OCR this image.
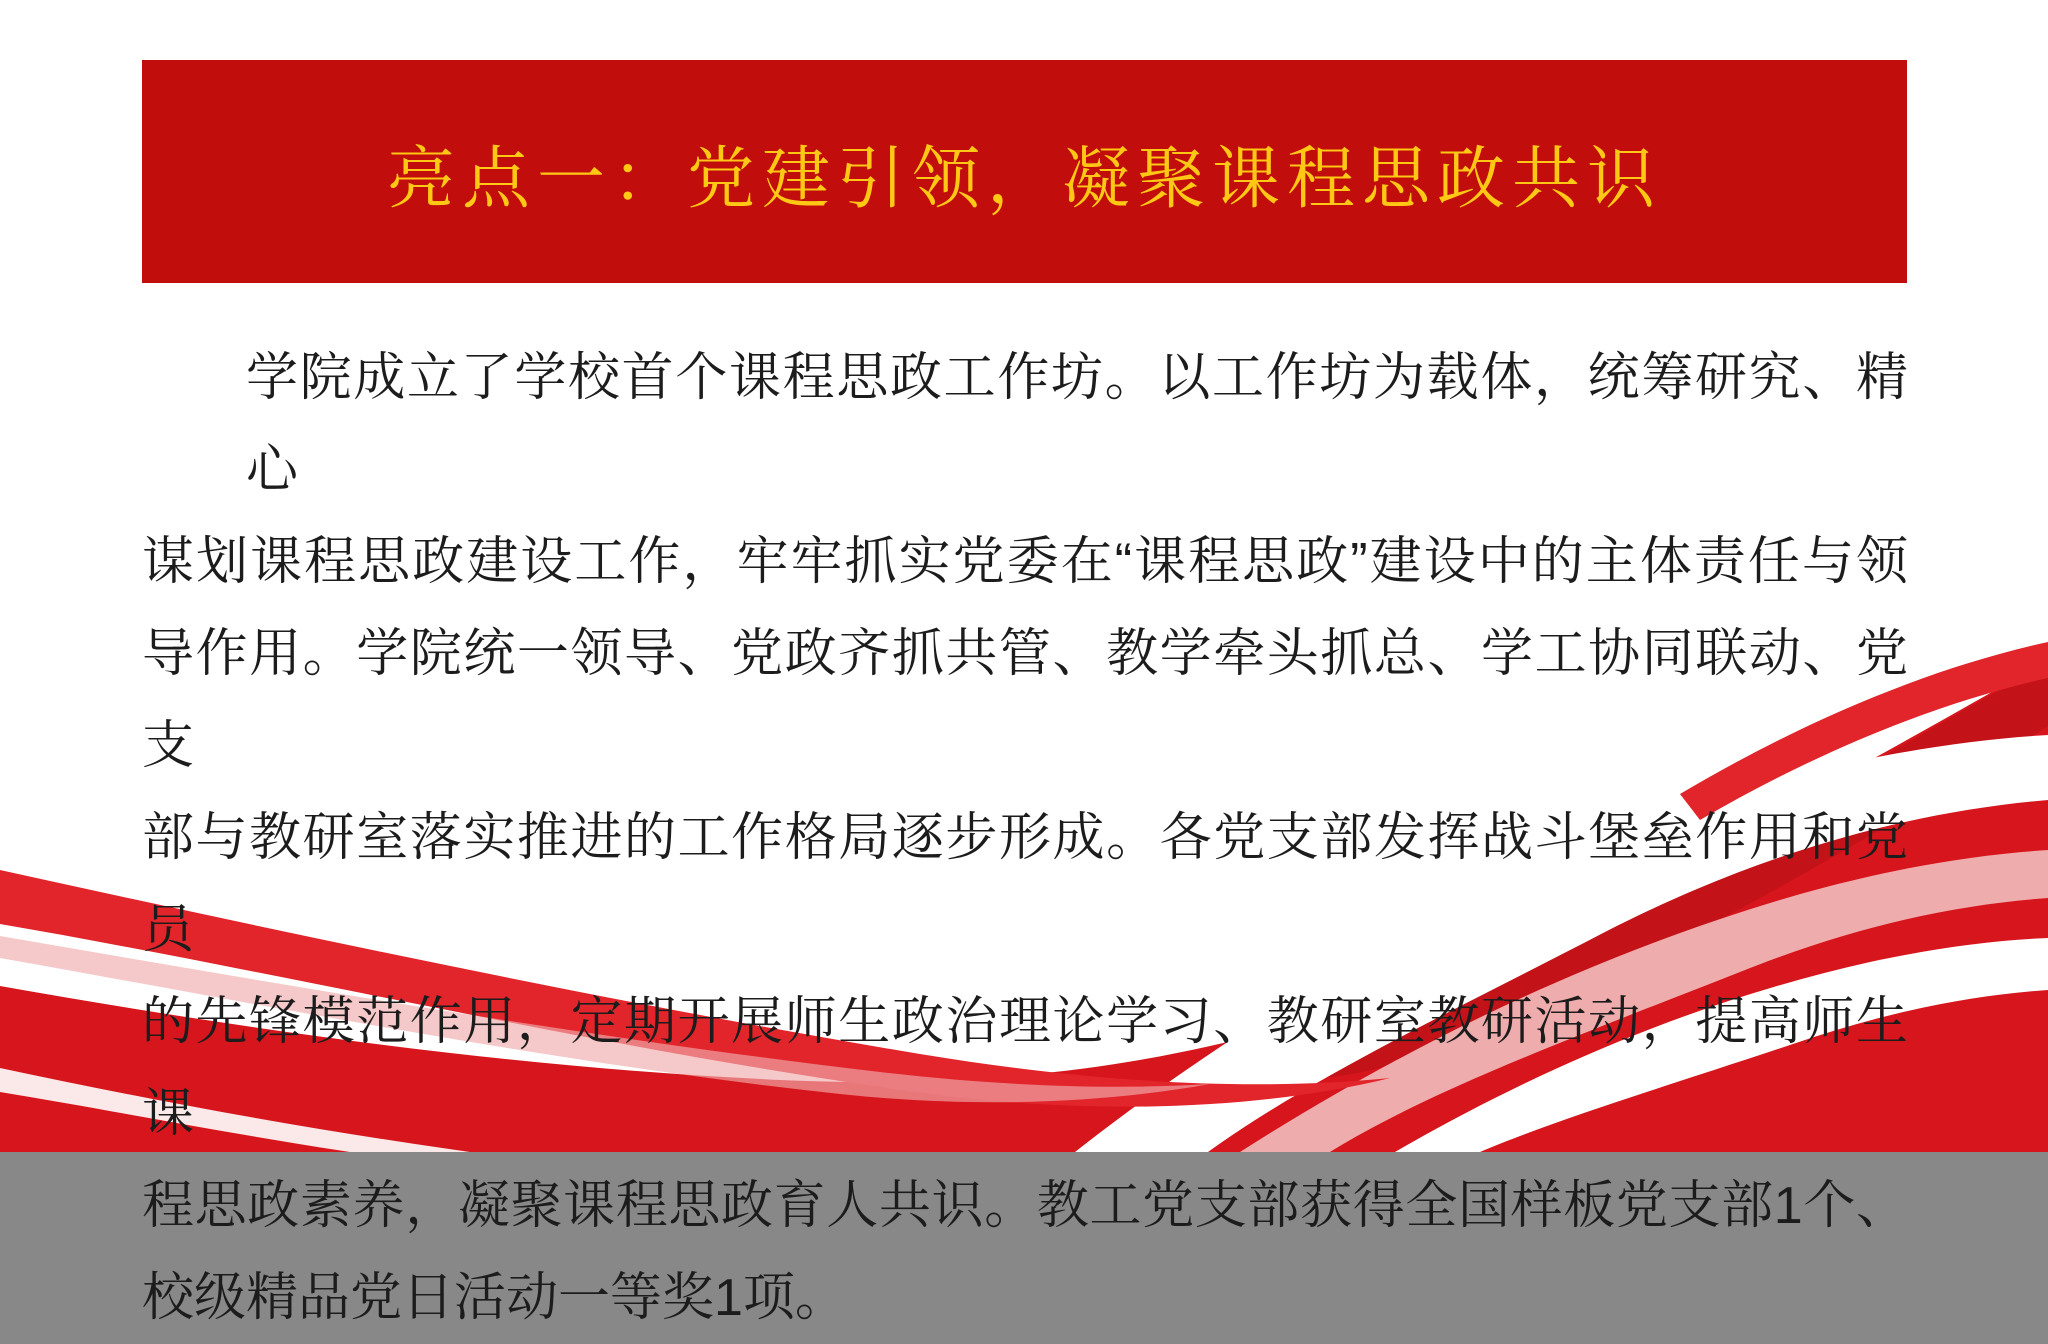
亮点一：党建引领，凝聚课程思政共识
学院成立了学校首个课程思政工作坊。以工作坊为载体，统筹研究、精心
谋划课程思政建设工作，牢牢抓实党委在“课程思政”建设中的主体责任与领
导作用。学院统一领导、党政齐抓共管、教学牵头抓总、学工协同联动、党支
部与教研室落实推进的工作格局逐步形成。各党支部发挥战斗堡垒作用和党员
的先锋模范作用，定期开展师生政治理论学习、教研室教研活动，提高师生课
程思政素养，凝聚课程思政育人共识。教工党支部获得全国样板党支部1个、
校级精品党日活动一等奖1项。
